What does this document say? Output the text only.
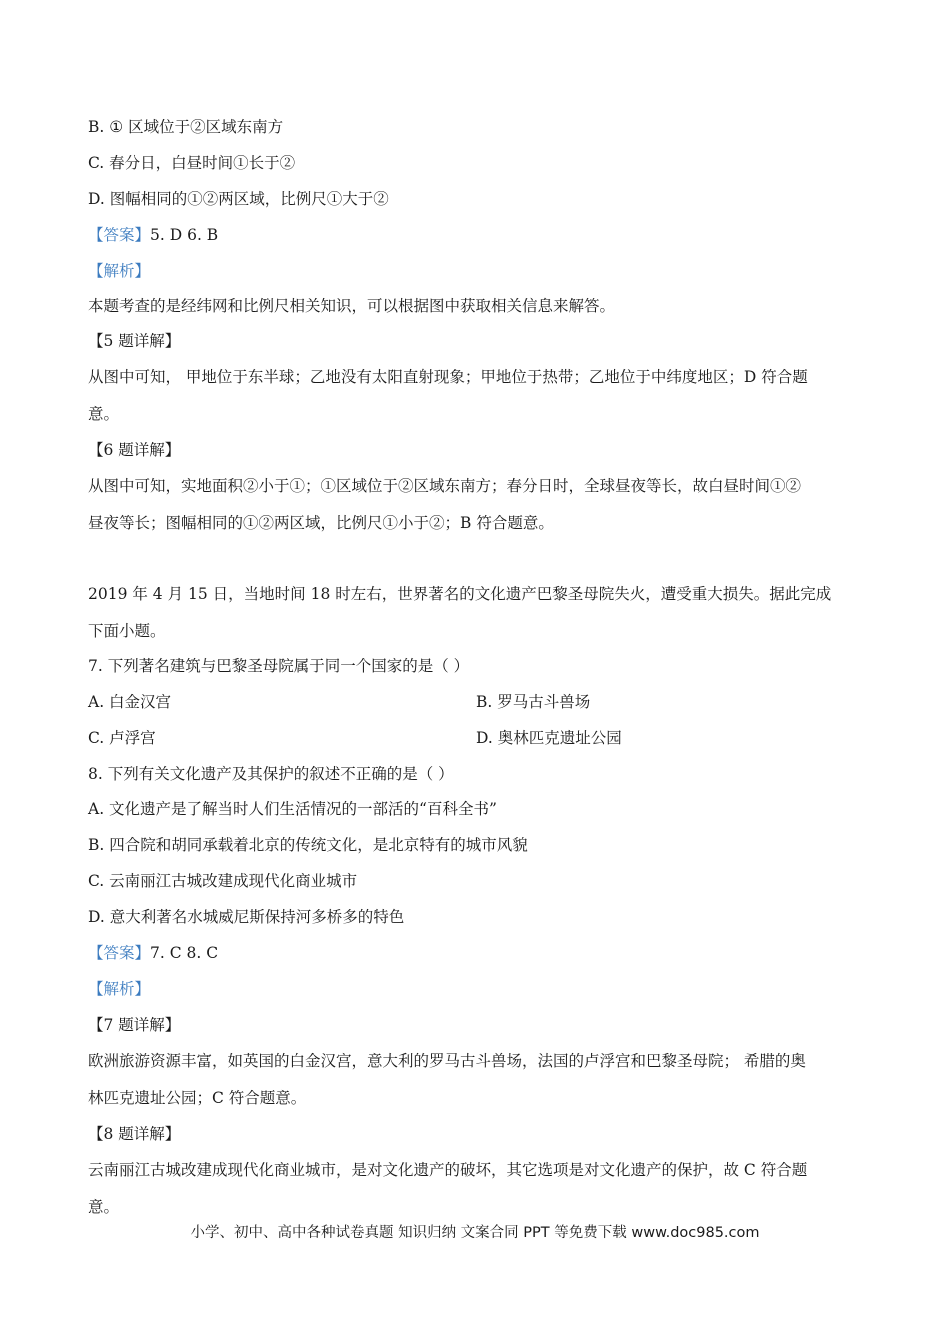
B. ① 区域位于②区域东南方
C. 春分日，白昼时间①长于②
D. 图幅相同的①②两区域，比例尺①大于②
【答案】5. D 6. B
【解析】
本题考查的是经纬网和比例尺相关知识，可以根据图中获取相关信息来解答。
【5 题详解】
从图中可知， 甲地位于东半球；乙地没有太阳直射现象；甲地位于热带；乙地位于中纬度地区；D 符合题
意。
【6 题详解】
从图中可知，实地面积②小于①；①区域位于②区域东南方；春分日时，全球昼夜等长，故白昼时间①②
昼夜等长；图幅相同的①②两区域，比例尺①小于②；B 符合题意。
2019 年 4 月 15 日，当地时间 18 时左右，世界著名的文化遗产巴黎圣母院失火，遭受重大损失。据此完成
下面小题。
7. 下列著名建筑与巴黎圣母院属于同一个国家的是（ ）
A. 白金汉宫	B. 罗马古斗兽场
C. 卢浮宫	D. 奥林匹克遗址公园
8. 下列有关文化遗产及其保护的叙述不正确的是（ ）
A. 文化遗产是了解当时人们生活情况的一部活的“百科全书”
B. 四合院和胡同承载着北京的传统文化，是北京特有的城市风貌
C. 云南丽江古城改建成现代化商业城市
D. 意大利著名水城威尼斯保持河多桥多的特色
【答案】7. C 8. C
【解析】
【7 题详解】
欧洲旅游资源丰富，如英国的白金汉宫，意大利的罗马古斗兽场，法国的卢浮宫和巴黎圣母院； 希腊的奥
林匹克遗址公园；C 符合题意。
【8 题详解】
云南丽江古城改建成现代化商业城市，是对文化遗产的破坏，其它选项是对文化遗产的保护，故 C 符合题
意。
小学、初中、高中各种试卷真题 知识归纳 文案合同 PPT 等免费下载 www.doc985.com
